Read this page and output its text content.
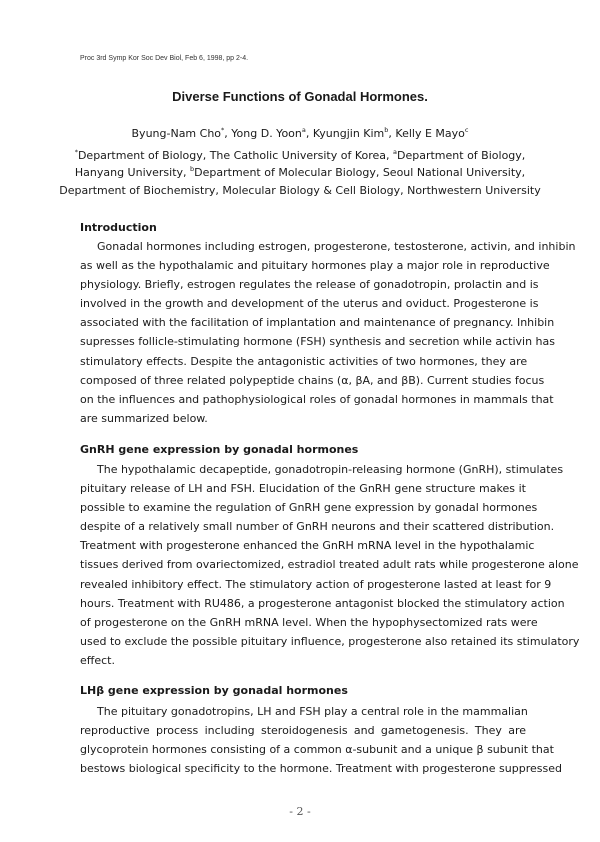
Proc 3rd Symp Kor Soc Dev Biol, Feb 6, 1998, pp 2-4.
Diverse Functions of Gonadal Hormones.
Byung-Nam Cho*, Yong D. Yoon$^a$, Kyungjin Kim$^b$, Kelly E Mayo$^c$
*Department of Biology, The Catholic University of Korea, $^a$Department of Biology,
Hanyang University, $^b$Department of Molecular Biology, Seoul National University,
Department of Biochemistry, Molecular Biology & Cell Biology, Northwestern University
Introduction
Gonadal hormones including estrogen, progesterone, testosterone, activin, and inhibin
as well as the hypothalamic and pituitary hormones play a major role in reproductive
physiology. Briefly, estrogen regulates the release of gonadotropin, prolactin and is
involved in the growth and development of the uterus and oviduct. Progesterone is
associated with the facilitation of implantation and maintenance of pregnancy. Inhibin
supresses follicle-stimulating hormone (FSH) synthesis and secretion while activin has
stimulatory effects. Despite the antagonistic activities of two hormones, they are
composed of three related polypeptide chains (α, βA, and βB). Current studies focus
on the influences and pathophysiological roles of gonadal hormones in mammals that
are summarized below.
GnRH gene expression by gonadal hormones
The hypothalamic decapeptide, gonadotropin-releasing hormone (GnRH), stimulates
pituitary release of LH and FSH. Elucidation of the GnRH gene structure makes it
possible to examine the regulation of GnRH gene expression by gonadal hormones
despite of a relatively small number of GnRH neurons and their scattered distribution.
Treatment with progesterone enhanced the GnRH mRNA level in the hypothalamic
tissues derived from ovariectomized, estradiol treated adult rats while progesterone alone
revealed inhibitory effect. The stimulatory action of progesterone lasted at least for 9
hours. Treatment with RU486, a progesterone antagonist blocked the stimulatory action
of progesterone on the GnRH mRNA level. When the hypophysectomized rats were
used to exclude the possible pituitary influence, progesterone also retained its stimulatory
effect.
LHβ gene expression by gonadal hormones
The pituitary gonadotropins, LH and FSH play a central role in the mammalian
reproductive process including steroidogenesis and gametogenesis. They are
glycoprotein hormones consisting of a common α-subunit and a unique β subunit that
bestows biological specificity to the hormone. Treatment with progesterone suppressed
- 2 -
